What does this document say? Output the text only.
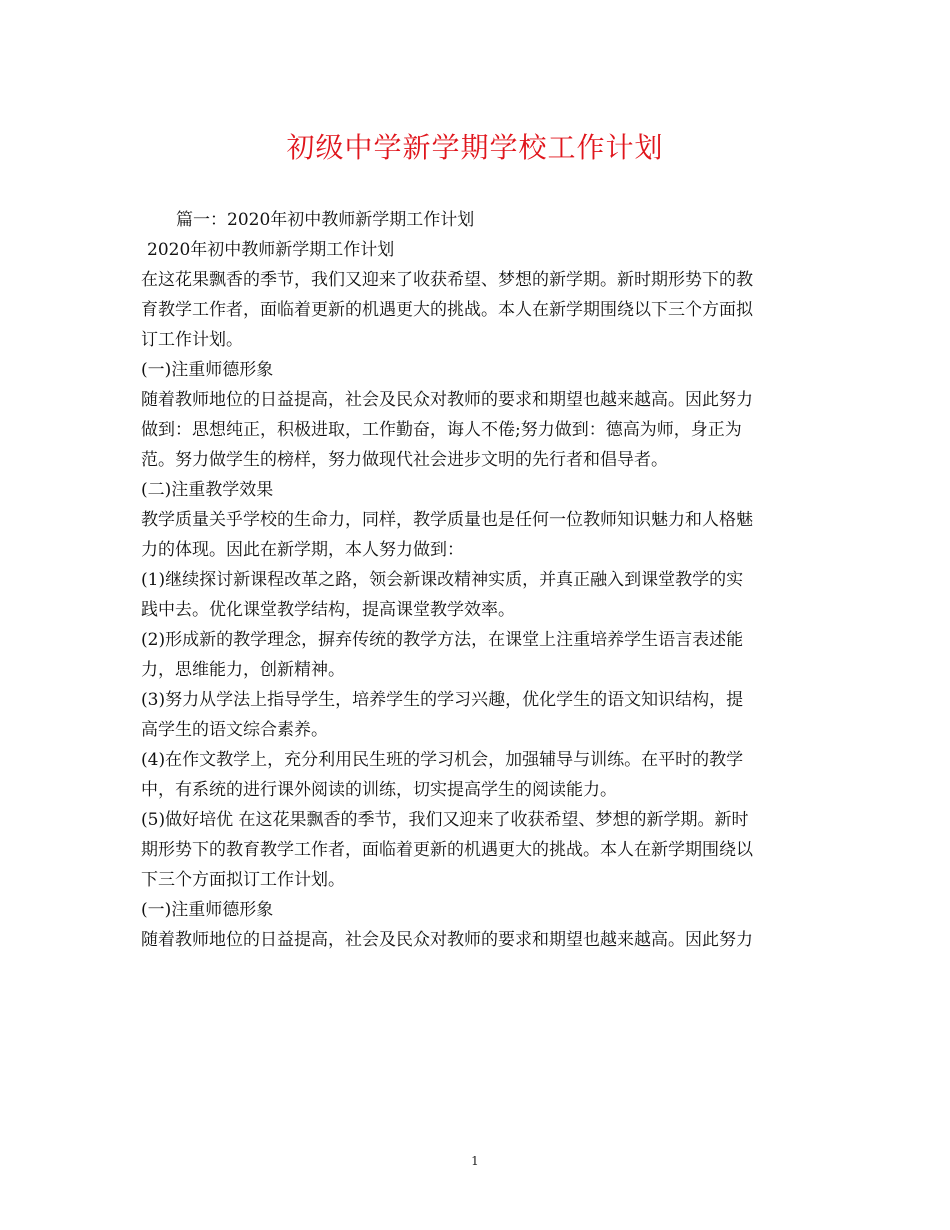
初级中学新学期学校工作计划
篇一：2020年初中教师新学期工作计划
2020年初中教师新学期工作计划
在这花果飘香的季节，我们又迎来了收获希望、梦想的新学期。新时期形势下的教
育教学工作者，面临着更新的机遇更大的挑战。本人在新学期围绕以下三个方面拟
订工作计划。
(一)注重师德形象
随着教师地位的日益提高，社会及民众对教师的要求和期望也越来越高。因此努力
做到：思想纯正，积极进取，工作勤奋，诲人不倦;努力做到：德高为师，身正为
范。努力做学生的榜样，努力做现代社会进步文明的先行者和倡导者。
(二)注重教学效果
教学质量关乎学校的生命力，同样，教学质量也是任何一位教师知识魅力和人格魅
力的体现。因此在新学期，本人努力做到：
(1)继续探讨新课程改革之路，领会新课改精神实质，并真正融入到课堂教学的实
践中去。优化课堂教学结构，提高课堂教学效率。
(2)形成新的教学理念，摒弃传统的教学方法，在课堂上注重培养学生语言表述能
力，思维能力，创新精神。
(3)努力从学法上指导学生，培养学生的学习兴趣，优化学生的语文知识结构，提
高学生的语文综合素养。
(4)在作文教学上，充分利用民生班的学习机会，加强辅导与训练。在平时的教学
中，有系统的进行课外阅读的训练，切实提高学生的阅读能力。
(5)做好培优 在这花果飘香的季节，我们又迎来了收获希望、梦想的新学期。新时
期形势下的教育教学工作者，面临着更新的机遇更大的挑战。本人在新学期围绕以
下三个方面拟订工作计划。
(一)注重师德形象
随着教师地位的日益提高，社会及民众对教师的要求和期望也越来越高。因此努力
1
